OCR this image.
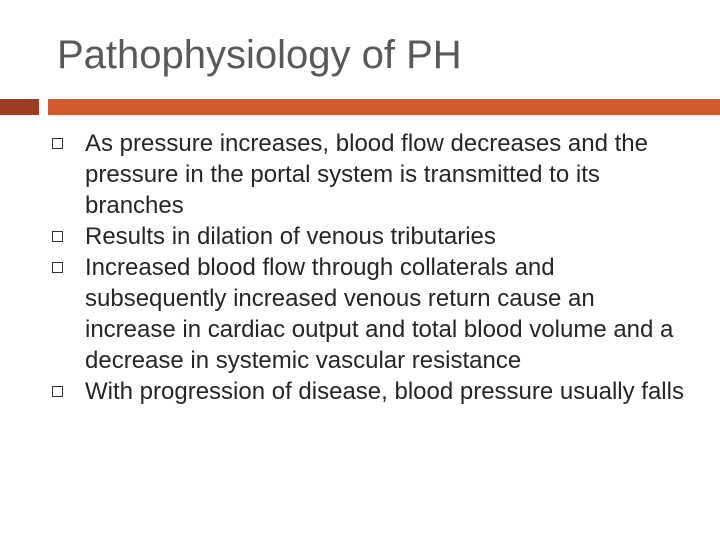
Pathophysiology of PH
As pressure increases, blood flow decreases and the pressure in the portal system is transmitted to its branches
Results in dilation of venous tributaries
Increased blood flow through collaterals and subsequently increased venous return cause an increase in cardiac output and total blood volume and a decrease in systemic vascular resistance
With progression of disease, blood pressure usually falls
